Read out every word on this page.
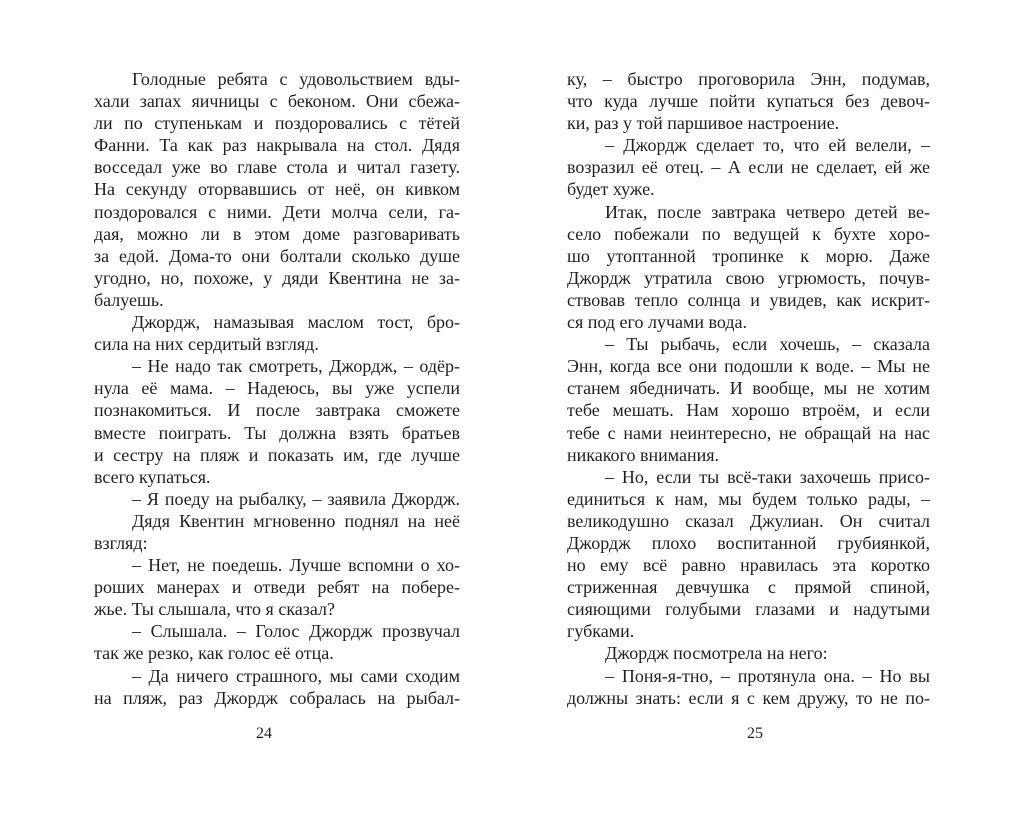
Голодные ребята с удовольствием вды-
хали запах яичницы с беконом. Они сбежа-
ли по ступенькам и поздоровались с тётей
Фанни. Та как раз накрывала на стол. Дядя
восседал уже во главе стола и читал газету.
На секунду оторвавшись от неё, он кивком
поздоровался с ними. Дети молча сели, га-
дая, можно ли в этом доме разговаривать
за едой. Дома-то они болтали сколько душе
угодно, но, похоже, у дяди Квентина не за-
балуешь.
Джордж, намазывая маслом тост, бро-
сила на них сердитый взгляд.
– Не надо так смотреть, Джордж, – одёр-
нула её мама. – Надеюсь, вы уже успели
познакомиться. И после завтрака сможете
вместе поиграть. Ты должна взять братьев
и сестру на пляж и показать им, где лучше
всего купаться.
– Я поеду на рыбалку, – заявила Джордж.
Дядя Квентин мгновенно поднял на неё
взгляд:
– Нет, не поедешь. Лучше вспомни о хо-
роших манерах и отведи ребят на побере-
жье. Ты слышала, что я сказал?
– Слышала. – Голос Джордж прозвучал
так же резко, как голос её отца.
– Да ничего страшного, мы сами сходим
на пляж, раз Джордж собралась на рыбал-
ку, – быстро проговорила Энн, подумав,
что куда лучше пойти купаться без девоч-
ки, раз у той паршивое настроение.
– Джордж сделает то, что ей велели, –
возразил её отец. – А если не сделает, ей же
будет хуже.
Итак, после завтрака четверо детей ве-
село побежали по ведущей к бухте хоро-
шо утоптанной тропинке к морю. Даже
Джордж утратила свою угрюмость, почув-
ствовав тепло солнца и увидев, как искрит-
ся под его лучами вода.
– Ты рыбачь, если хочешь, – сказала
Энн, когда все они подошли к воде. – Мы не
станем ябедничать. И вообще, мы не хотим
тебе мешать. Нам хорошо втроём, и если
тебе с нами неинтересно, не обращай на нас
никакого внимания.
– Но, если ты всё-таки захочешь присо-
единиться к нам, мы будем только рады, –
великодушно сказал Джулиан. Он считал
Джордж плохо воспитанной грубиянкой,
но ему всё равно нравилась эта коротко
стриженная девчушка с прямой спиной,
сияющими голубыми глазами и надутыми
губками.
Джордж посмотрела на него:
– Поня-я-тно, – протянула она. – Но вы
должны знать: если я с кем дружу, то не по-
24	25
